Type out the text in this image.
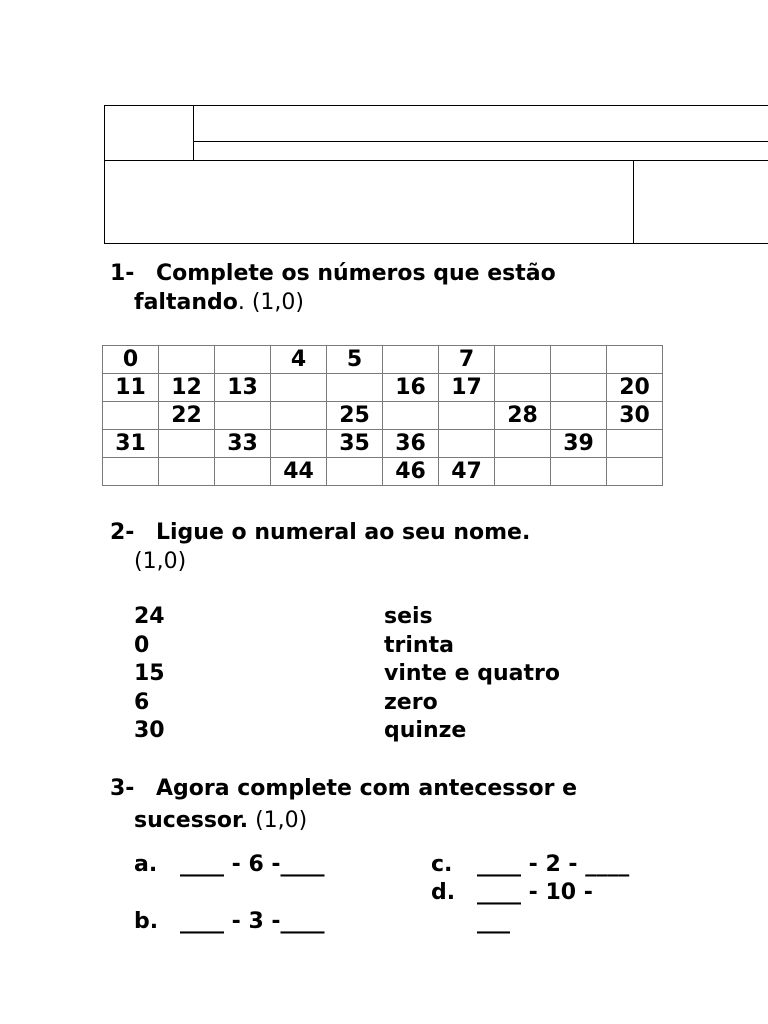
1- Complete os números que estão
faltando. (1,0)
0			4	5		7			
11	12	13			16	17			20
	22			25			28		30
31		33		35	36			39	
			44		46	47			
2- Ligue o numeral ao seu nome.
(1,0)
24
0
15
6
30
seis
trinta
vinte e quatro
zero
quinze
3- Agora complete com antecessor e
sucessor. (1,0)
a. ____ - 6 -____
b. ____ - 3 -____
c. ____ - 2 - ____
d. ____ - 10 -
___
